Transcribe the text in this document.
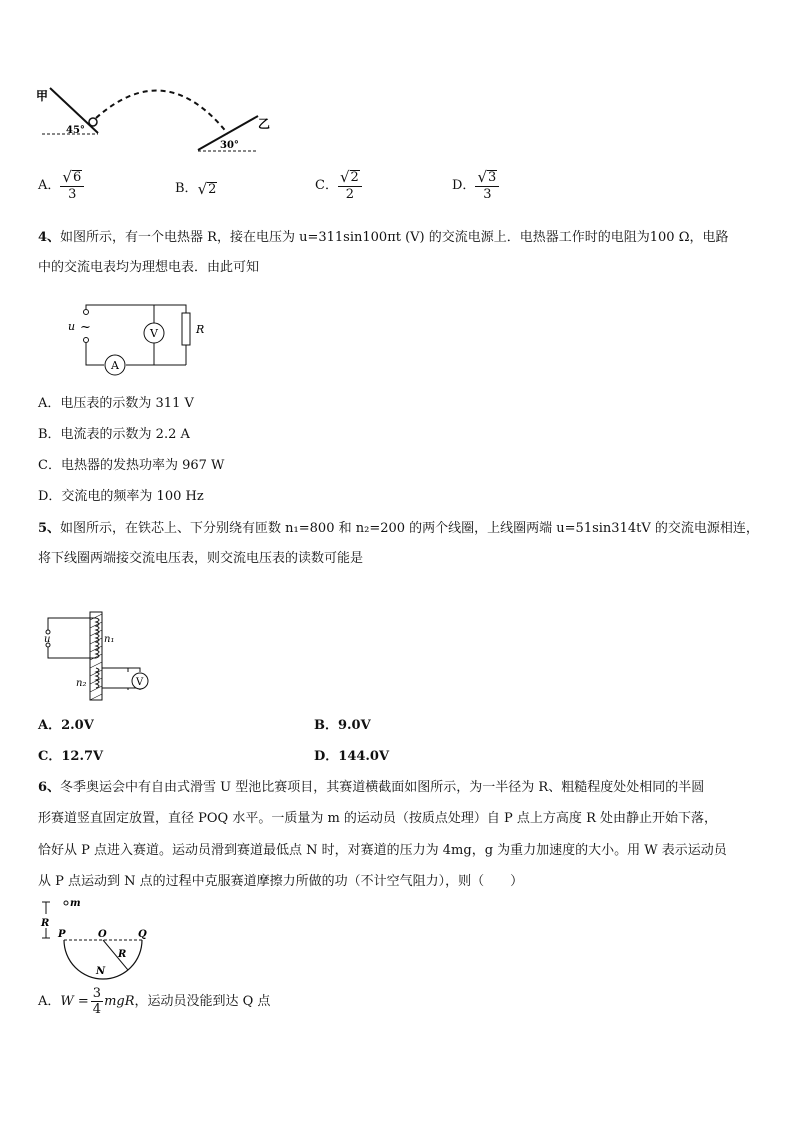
甲
乙
45°
30°
A． $\frac{√ 6}{3}$	B． √ 2	C． $\frac{√ 2}{2}$	D． $\frac{√ 3}{3}$
4、如图所示，有一个电热器 R，接在电压为 u=311sin100πt (V) 的交流电源上．电热器工作时的电阻为100 Ω，电路
中的交流电表均为理想电表．由此可知
u ~	V	R
A
A．电压表的示数为 311 V
B．电流表的示数为 2.2 A
C．电热器的发热功率为 967 W
D．交流电的频率为 100 Hz
5、如图所示，在铁芯上、下分别绕有匝数 n₁=800 和 n₂=200 的两个线圈，上线圈两端 u=51sin314tV 的交流电源相连，
将下线圈两端接交流电压表，则交流电压表的读数可能是
u	n₁
n₂	V
A．2.0V	B．9.0V
C．12.7V	D．144.0V
6、冬季奥运会中有自由式滑雪 U 型池比赛项目，其赛道横截面如图所示，为一半径为 R、粗糙程度处处相同的半圆
形赛道竖直固定放置，直径 POQ 水平。一质量为 m 的运动员（按质点处理）自 P 点上方高度 R 处由静止开始下落，
恰好从 P 点进入赛道。运动员滑到赛道最低点 N 时，对赛道的压力为 4mg，g 为重力加速度的大小。用 W 表示运动员
从 P 点运动到 N 点的过程中克服赛道摩擦力所做的功（不计空气阻力），则（　　）
R
m
P	O	Q
R
N
A． $W = \frac{3}{4}$ mgR ，运动员没能到达 Q 点
